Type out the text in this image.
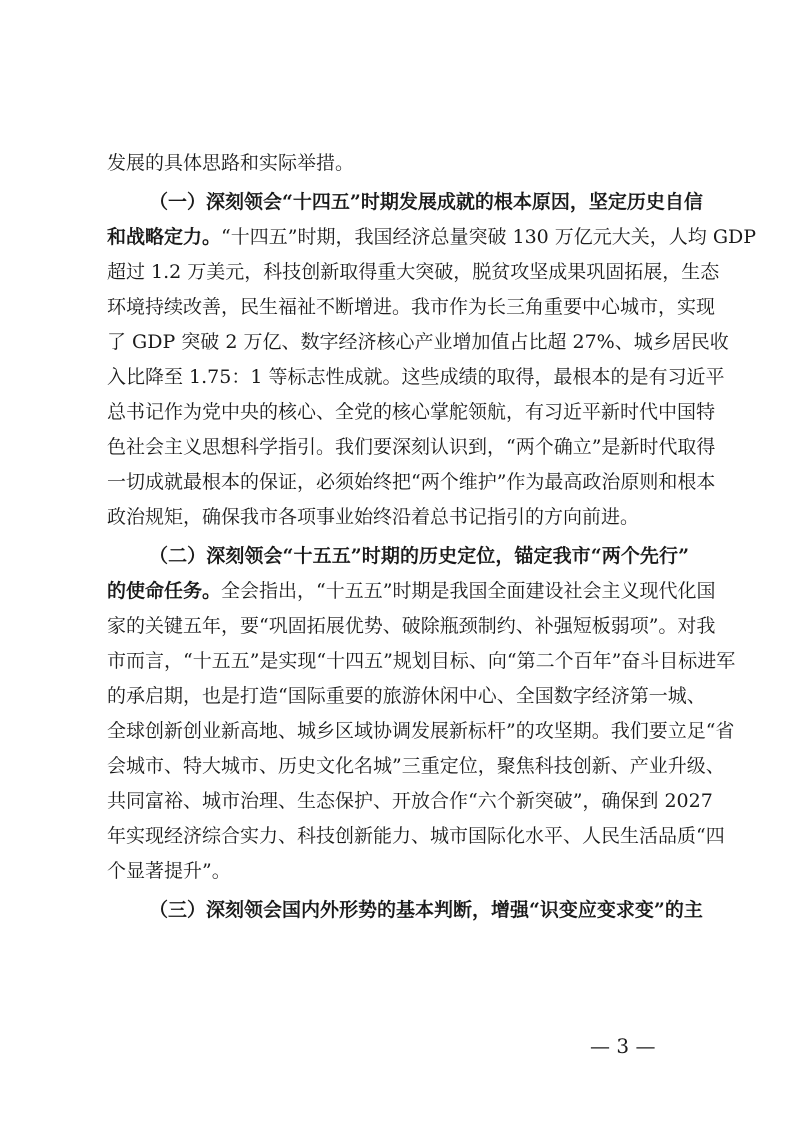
发展的具体思路和实际举措。
（一）深刻领会“十四五”时期发展成就的根本原因，坚定历史自信
和战略定力。“十四五”时期，我国经济总量突破 130 万亿元大关，人均 GDP
超过 1.2 万美元，科技创新取得重大突破，脱贫攻坚成果巩固拓展，生态
环境持续改善，民生福祉不断增进。我市作为长三角重要中心城市，实现
了 GDP 突破 2 万亿、数字经济核心产业增加值占比超 27%、城乡居民收
入比降至 1.75：1 等标志性成就。这些成绩的取得，最根本的是有习近平
总书记作为党中央的核心、全党的核心掌舵领航，有习近平新时代中国特
色社会主义思想科学指引。我们要深刻认识到，“两个确立”是新时代取得
一切成就最根本的保证，必须始终把“两个维护”作为最高政治原则和根本
政治规矩，确保我市各项事业始终沿着总书记指引的方向前进。
（二）深刻领会“十五五”时期的历史定位，锚定我市“两个先行”
的使命任务。全会指出，“十五五”时期是我国全面建设社会主义现代化国
家的关键五年，要“巩固拓展优势、破除瓶颈制约、补强短板弱项”。对我
市而言，“十五五”是实现“十四五”规划目标、向“第二个百年”奋斗目标进军
的承启期，也是打造“国际重要的旅游休闲中心、全国数字经济第一城、
全球创新创业新高地、城乡区域协调发展新标杆”的攻坚期。我们要立足“省
会城市、特大城市、历史文化名城”三重定位，聚焦科技创新、产业升级、
共同富裕、城市治理、生态保护、开放合作“六个新突破”，确保到 2027
年实现经济综合实力、科技创新能力、城市国际化水平、人民生活品质“四
个显著提升”。
（三）深刻领会国内外形势的基本判断，增强“识变应变求变”的主
— 3 —
